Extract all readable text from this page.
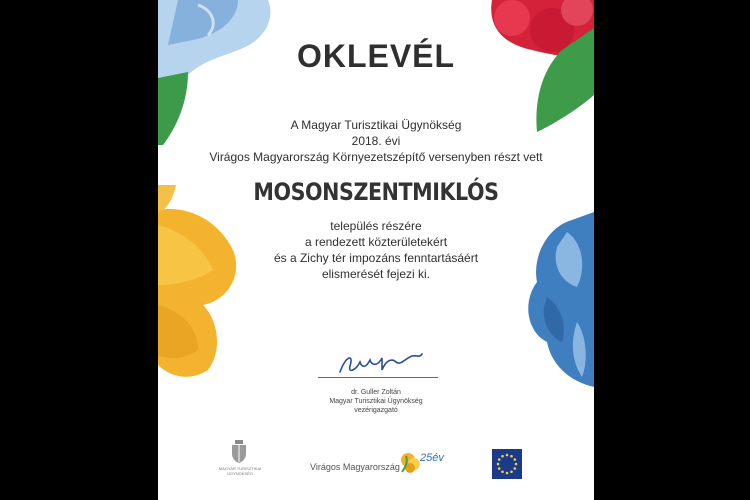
OKLEVÉL
A Magyar Turisztikai Ügynökség
2018. évi
Virágos Magyarország Környezetszépítő versenyben részt vett
MOSONSZENTMIKLÓS
település részére
a rendezett közterületekért
és a Zichy tér impozáns fenntartásáért
elismerését fejezi ki.
dr. Guller Zoltán
Magyar Turisztikai Ügynökség
vezérigazgató
MAGYAR TURISZTIKAI ÜGYNÖKSÉG
Virágos Magyarország
25év
